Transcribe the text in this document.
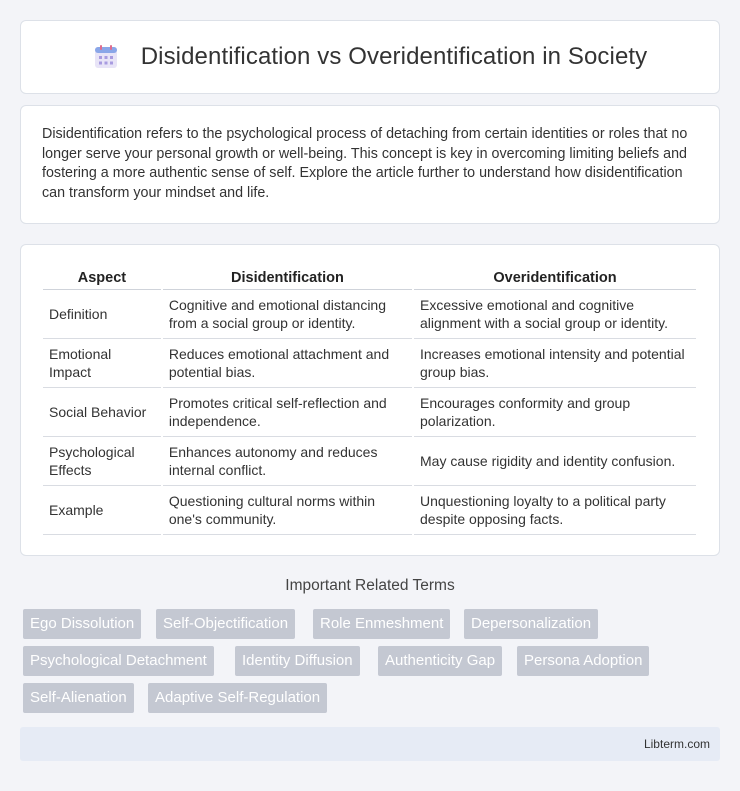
Disidentification vs Overidentification in Society

Disidentification refers to the psychological process of detaching from certain identities or roles that no longer serve your personal growth or well-being. This concept is key in overcoming limiting beliefs and fostering a more authentic sense of self. Explore the article further to understand how disidentification can transform your mindset and life.

Aspect	Disidentification	Overidentification
Definition	Cognitive and emotional distancing from a social group or identity.	Excessive emotional and cognitive alignment with a social group or identity.
Emotional Impact	Reduces emotional attachment and potential bias.	Increases emotional intensity and potential group bias.
Social Behavior	Promotes critical self-reflection and independence.	Encourages conformity and group polarization.
Psychological Effects	Enhances autonomy and reduces internal conflict.	May cause rigidity and identity confusion.
Example	Questioning cultural norms within one's community.	Unquestioning loyalty to a political party despite opposing facts.
Important Related Terms
Ego Dissolution	Self-Objectification	Role Enmeshment	Depersonalization
Psychological Detachment	Identity Diffusion	Authenticity Gap	Persona Adoption
Self-Alienation	Adaptive Self-Regulation
Libterm.com
